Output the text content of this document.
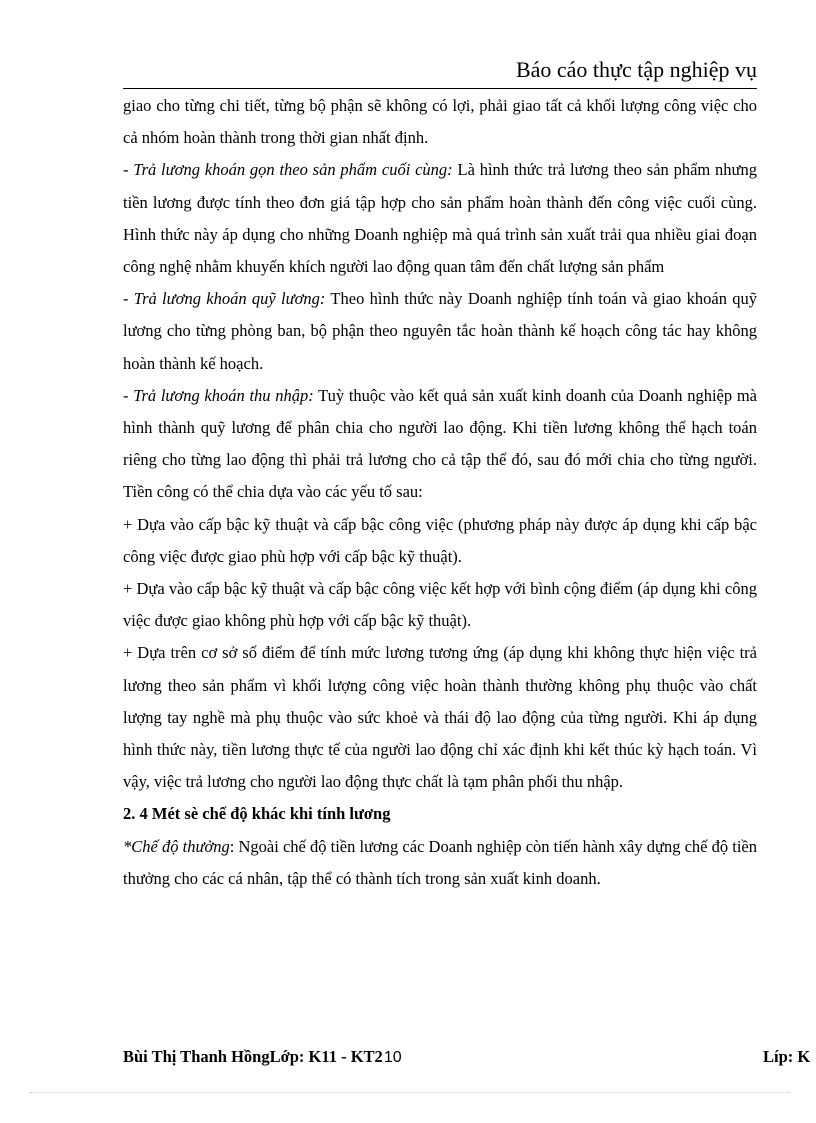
Báo cáo thực tập nghiệp vụ

giao cho từng chi tiết, từng bộ phận sẽ không có lợi, phải giao tất cả khối lượng công việc cho cả nhóm hoàn thành trong thời gian nhất định.

- Trả lương khoán gọn theo sản phẩm cuối cùng: Là hình thức trả lương theo sản phẩm nhưng tiền lương được tính theo đơn giá tập hợp cho sản phẩm hoàn thành đến công việc cuối cùng. Hình thức này áp dụng cho những Doanh nghiệp mà quá trình sản xuất trải qua nhiều giai đoạn công nghệ nhằm khuyến khích người lao động quan tâm đến chất lượng sản phẩm

- Trả lương khoán quỹ lương: Theo hình thức này Doanh nghiệp tính toán và giao khoán quỹ lương cho từng phòng ban, bộ phận theo nguyên tắc hoàn thành kế hoạch công tác hay không hoàn thành kế hoạch.

- Trả lương khoán thu nhập: Tuỳ thuộc vào kết quả sản xuất kinh doanh của Doanh nghiệp mà hình thành quỹ lương để phân chia cho người lao động. Khi tiền lương không thể hạch toán riêng cho từng lao động thì phải trả lương cho cả tập thể đó, sau đó mới chia cho từng người. Tiền công có thể chia dựa vào các yếu tố sau:

+ Dựa vào cấp bậc kỹ thuật và cấp bậc công việc (phương pháp này được áp dụng khi cấp bậc công việc được giao phù hợp với cấp bậc kỹ thuật).

+ Dựa vào cấp bậc kỹ thuật và cấp bậc công việc kết hợp với bình cộng điểm (áp dụng khi công việc được giao không phù hợp với cấp bậc kỹ thuật).

+ Dựa trên cơ sở số điểm để tính mức lương tương ứng (áp dụng khi không thực hiện việc trả lương theo sản phẩm vì khối lượng công việc hoàn thành thường không phụ thuộc vào chất lượng tay nghề mà phụ thuộc vào sức khoẻ và thái độ lao động của từng người. Khi áp dụng hình thức này, tiền lương thực tế của người lao động chỉ xác định khi kết thúc kỳ hạch toán. Vì vậy, việc trả lương cho người lao động thực chất là tạm phân phối thu nhập.

2. 4 Mét sè chế độ khác khi tính lương

*Chế độ thưởng: Ngoài chế độ tiền lương các Doanh nghiệp còn tiến hành xây dựng chế độ tiền thưởng cho các cá nhân, tập thể có thành tích trong sản xuất kinh doanh.

Bùi Thị Thanh HồngLớp: K11 - KT210	Líp: K
